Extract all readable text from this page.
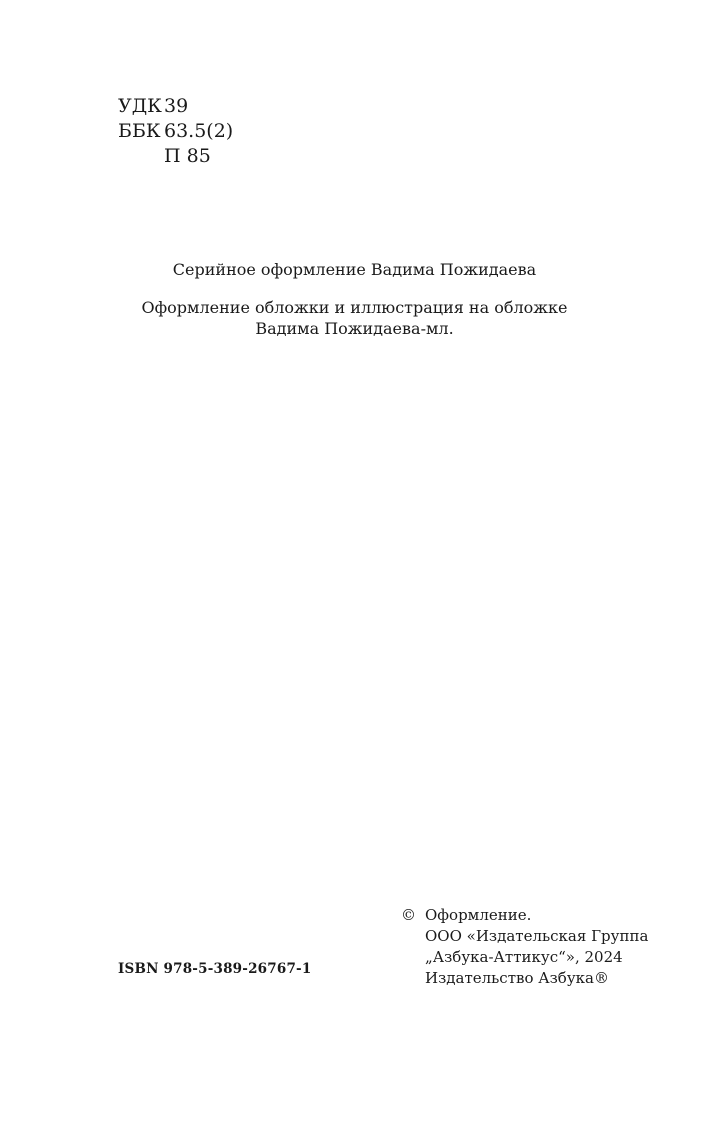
УДК 39
ББК 63.5(2)
П 85
Серийное оформление Вадима Пожидаева
Оформление обложки и иллюстрация на обложке
Вадима Пожидаева-мл.
ISBN 978-5-389-26767-1
© Оформление.
ООО «Издательская Группа
„Азбука-Аттикус“», 2024
Издательство Азбука®
